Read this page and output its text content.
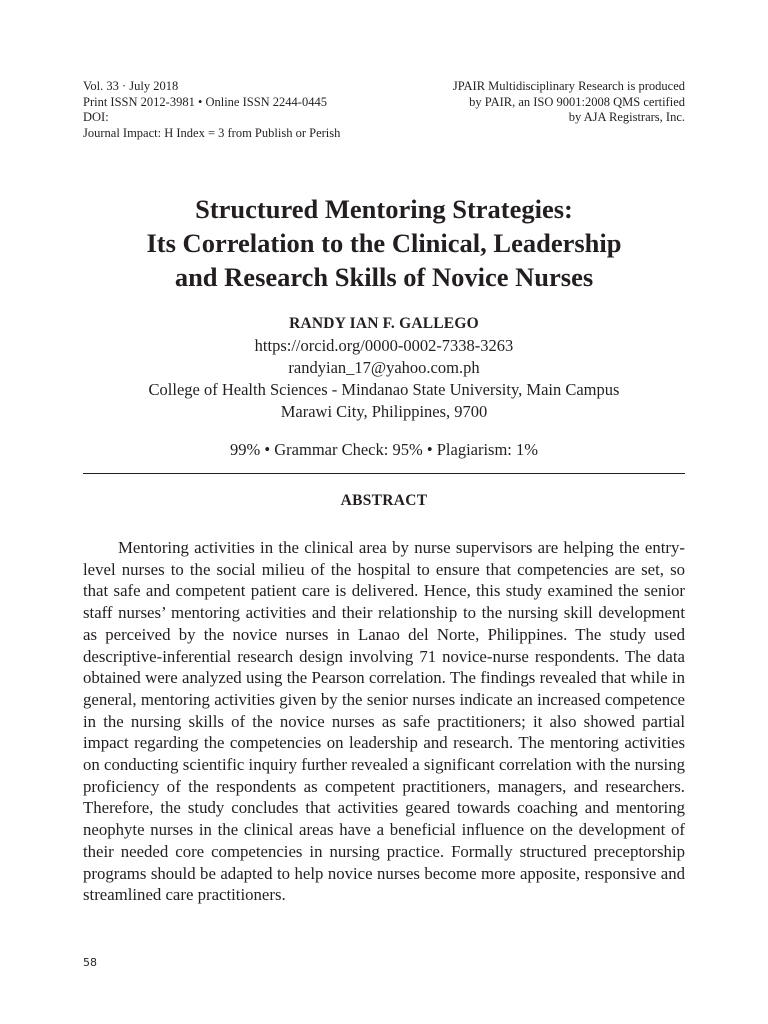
Vol. 33 · July 2018
Print ISSN 2012-3981 • Online ISSN 2244-0445
DOI:
Journal Impact: H Index = 3 from Publish or Perish
JPAIR Multidisciplinary Research is produced
by PAIR, an ISO 9001:2008 QMS certified
by AJA Registrars, Inc.
Structured Mentoring Strategies:
Its Correlation to the Clinical, Leadership
and Research Skills of Novice Nurses
RANDY IAN F. GALLEGO
https://orcid.org/0000-0002-7338-3263
randyian_17@yahoo.com.ph
College of Health Sciences - Mindanao State University, Main Campus
Marawi City, Philippines, 9700
99% • Grammar Check: 95% • Plagiarism: 1%
ABSTRACT

Mentoring activities in the clinical area by nurse supervisors are helping the entry-level nurses to the social milieu of the hospital to ensure that competencies are set, so that safe and competent patient care is delivered. Hence, this study examined the senior staff nurses’ mentoring activities and their relationship to the nursing skill development as perceived by the novice nurses in Lanao del Norte, Philippines. The study used descriptive-inferential research design involving 71 novice-nurse respondents. The data obtained were analyzed using the Pearson correlation. The findings revealed that while in general, mentoring activities given by the senior nurses indicate an increased competence in the nursing skills of the novice nurses as safe practitioners; it also showed partial impact regarding the competencies on leadership and research. The mentoring activities on conducting scientific inquiry further revealed a significant correlation with the nursing proficiency of the respondents as competent practitioners, managers, and researchers. Therefore, the study concludes that activities geared towards coaching and mentoring neophyte nurses in the clinical areas have a beneficial influence on the development of their needed core competencies in nursing practice. Formally structured preceptorship programs should be adapted to help novice nurses become more apposite, responsive and streamlined care practitioners.

58
